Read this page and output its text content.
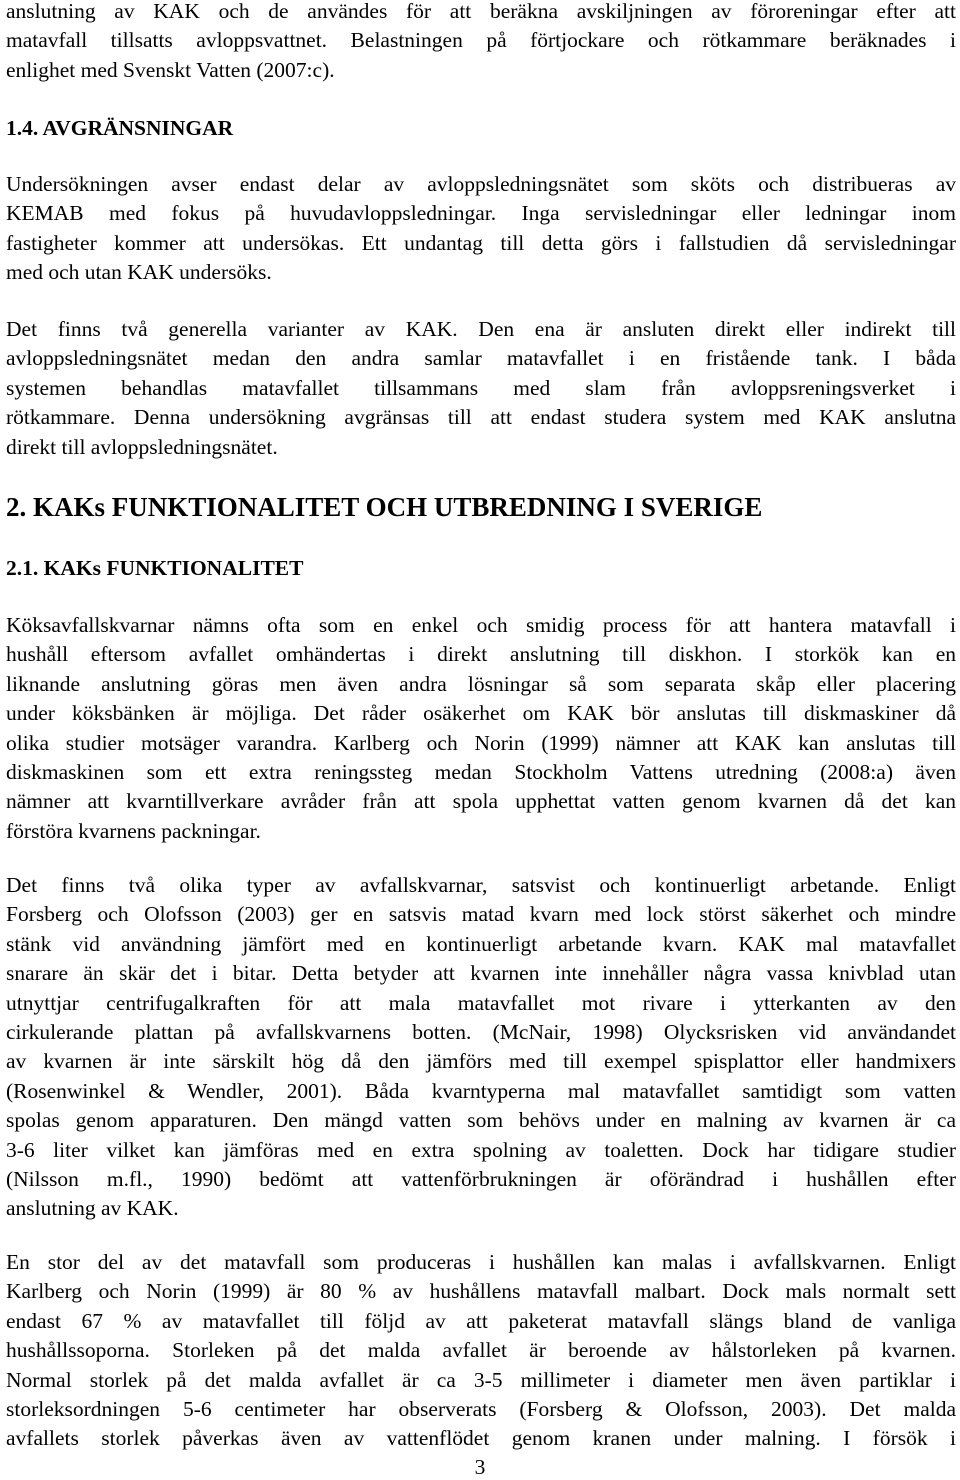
anslutning av KAK och de användes för att beräkna avskiljningen av föroreningar efter att
matavfall tillsatts avloppsvattnet. Belastningen på förtjockare och rötkammare beräknades i
enlighet med Svenskt Vatten (2007:c).
1.4. AVGRÄNSNINGAR
Undersökningen avser endast delar av avloppsledningsnätet som sköts och distribueras av
KEMAB med fokus på huvudavloppsledningar. Inga servisledningar eller ledningar inom
fastigheter kommer att undersökas. Ett undantag till detta görs i fallstudien då servisledningar
med och utan KAK undersöks.
Det finns två generella varianter av KAK. Den ena är ansluten direkt eller indirekt till
avloppsledningsnätet medan den andra samlar matavfallet i en fristående tank. I båda
systemen behandlas matavfallet tillsammans med slam från avloppsreningsverket i
rötkammare. Denna undersökning avgränsas till att endast studera system med KAK anslutna
direkt till avloppsledningsnätet.
2. KAKs FUNKTIONALITET OCH UTBREDNING I SVERIGE
2.1. KAKs FUNKTIONALITET
Köksavfallskvarnar nämns ofta som en enkel och smidig process för att hantera matavfall i
hushåll eftersom avfallet omhändertas i direkt anslutning till diskhon. I storkök kan en
liknande anslutning göras men även andra lösningar så som separata skåp eller placering
under köksbänken är möjliga. Det råder osäkerhet om KAK bör anslutas till diskmaskiner då
olika studier motsäger varandra. Karlberg och Norin (1999) nämner att KAK kan anslutas till
diskmaskinen som ett extra reningssteg medan Stockholm Vattens utredning (2008:a) även
nämner att kvarntillverkare avråder från att spola upphettat vatten genom kvarnen då det kan
förstöra kvarnens packningar.
Det finns två olika typer av avfallskvarnar, satsvist och kontinuerligt arbetande. Enligt
Forsberg och Olofsson (2003) ger en satsvis matad kvarn med lock störst säkerhet och mindre
stänk vid användning jämfört med en kontinuerligt arbetande kvarn. KAK mal matavfallet
snarare än skär det i bitar. Detta betyder att kvarnen inte innehåller några vassa knivblad utan
utnyttjar centrifugalkraften för att mala matavfallet mot rivare i ytterkanten av den
cirkulerande plattan på avfallskvarnens botten. (McNair, 1998) Olycksrisken vid användandet
av kvarnen är inte särskilt hög då den jämförs med till exempel spisplattor eller handmixers
(Rosenwinkel & Wendler, 2001). Båda kvarntyperna mal matavfallet samtidigt som vatten
spolas genom apparaturen. Den mängd vatten som behövs under en malning av kvarnen är ca
3-6 liter vilket kan jämföras med en extra spolning av toaletten. Dock har tidigare studier
(Nilsson m.fl., 1990) bedömt att vattenförbrukningen är oförändrad i hushållen efter
anslutning av KAK.
En stor del av det matavfall som produceras i hushållen kan malas i avfallskvarnen. Enligt
Karlberg och Norin (1999) är 80 % av hushållens matavfall malbart. Dock mals normalt sett
endast 67 % av matavfallet till följd av att paketerat matavfall slängs bland de vanliga
hushållssoporna. Storleken på det malda avfallet är beroende av hålstorleken på kvarnen.
Normal storlek på det malda avfallet är ca 3-5 millimeter i diameter men även partiklar i
storleksordningen 5-6 centimeter har observerats (Forsberg & Olofsson, 2003). Det malda
avfallets storlek påverkas även av vattenflödet genom kranen under malning. I försök i
3
